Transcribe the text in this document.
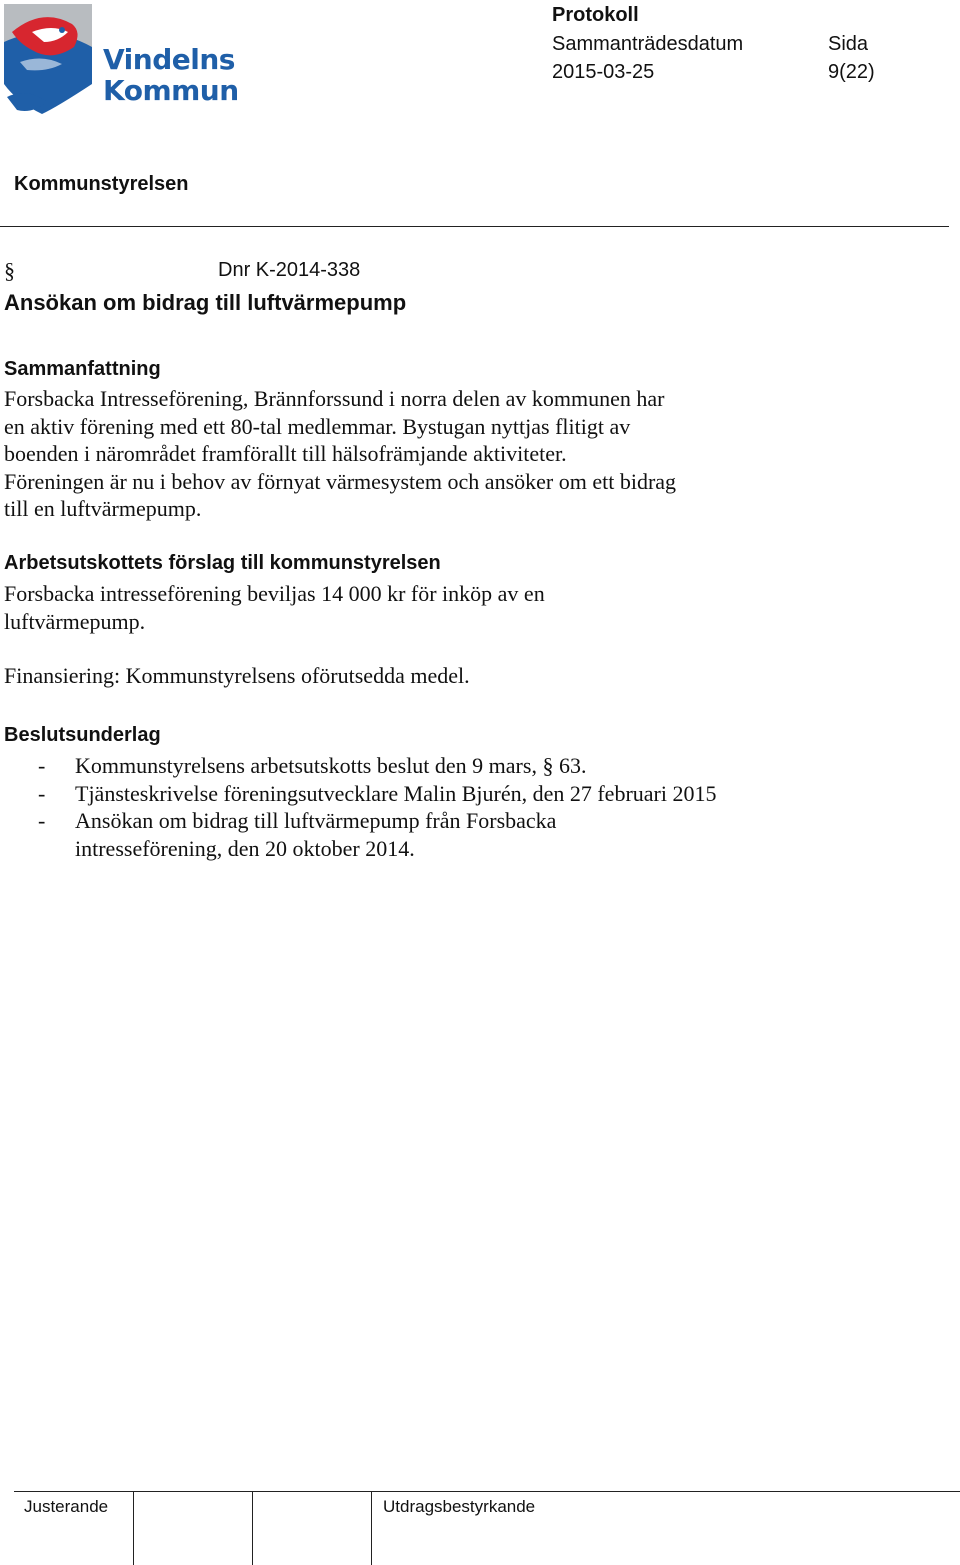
Vindelns
Kommun
Protokoll
Sammanträdesdatum
2015-03-25
Sida
9(22)
Kommunstyrelsen
§	Dnr K-2014-338
Ansökan om bidrag till luftvärmepump
Sammanfattning
Forsbacka Intresseförening, Brännforssund i norra delen av kommunen har
en aktiv förening med ett 80-tal medlemmar. Bystugan nyttjas flitigt av
boenden i närområdet framförallt till hälsofrämjande aktiviteter.
Föreningen är nu i behov av förnyat värmesystem och ansöker om ett bidrag
till en luftvärmepump.
Arbetsutskottets förslag till kommunstyrelsen
Forsbacka intresseförening beviljas 14 000 kr för inköp av en
luftvärmepump.
Finansiering: Kommunstyrelsens oförutsedda medel.
Beslutsunderlag
- Kommunstyrelsens arbetsutskotts beslut den 9 mars, § 63.
- Tjänsteskrivelse föreningsutvecklare Malin Bjurén, den 27 februari 2015
- Ansökan om bidrag till luftvärmepump från Forsbacka intresseförening, den 20 oktober 2014.
Justerande	Utdragsbestyrkande
